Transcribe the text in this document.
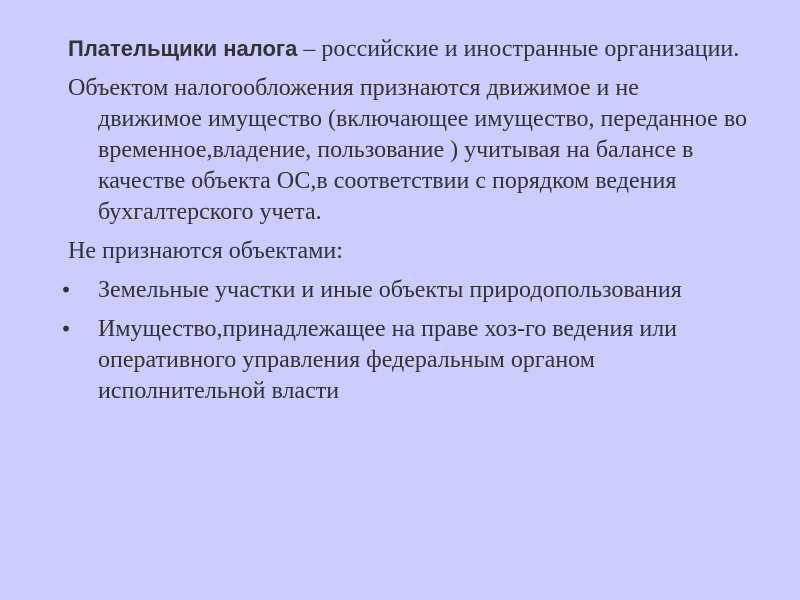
Плательщики налога – российские и иностранные организации.

Объектом налогообложения признаются движимое и не движимое имущество (включающее имущество, переданное во временное,владение, пользование ) учитывая на балансе в качестве объекта ОС,в соответствии с порядком ведения бухгалтерского учета.

Не признаются объектами:

• Земельные участки и иные объекты природопользования
• Имущество,принадлежащее на праве хоз-го ведения или оперативного управления федеральным органом исполнительной власти
